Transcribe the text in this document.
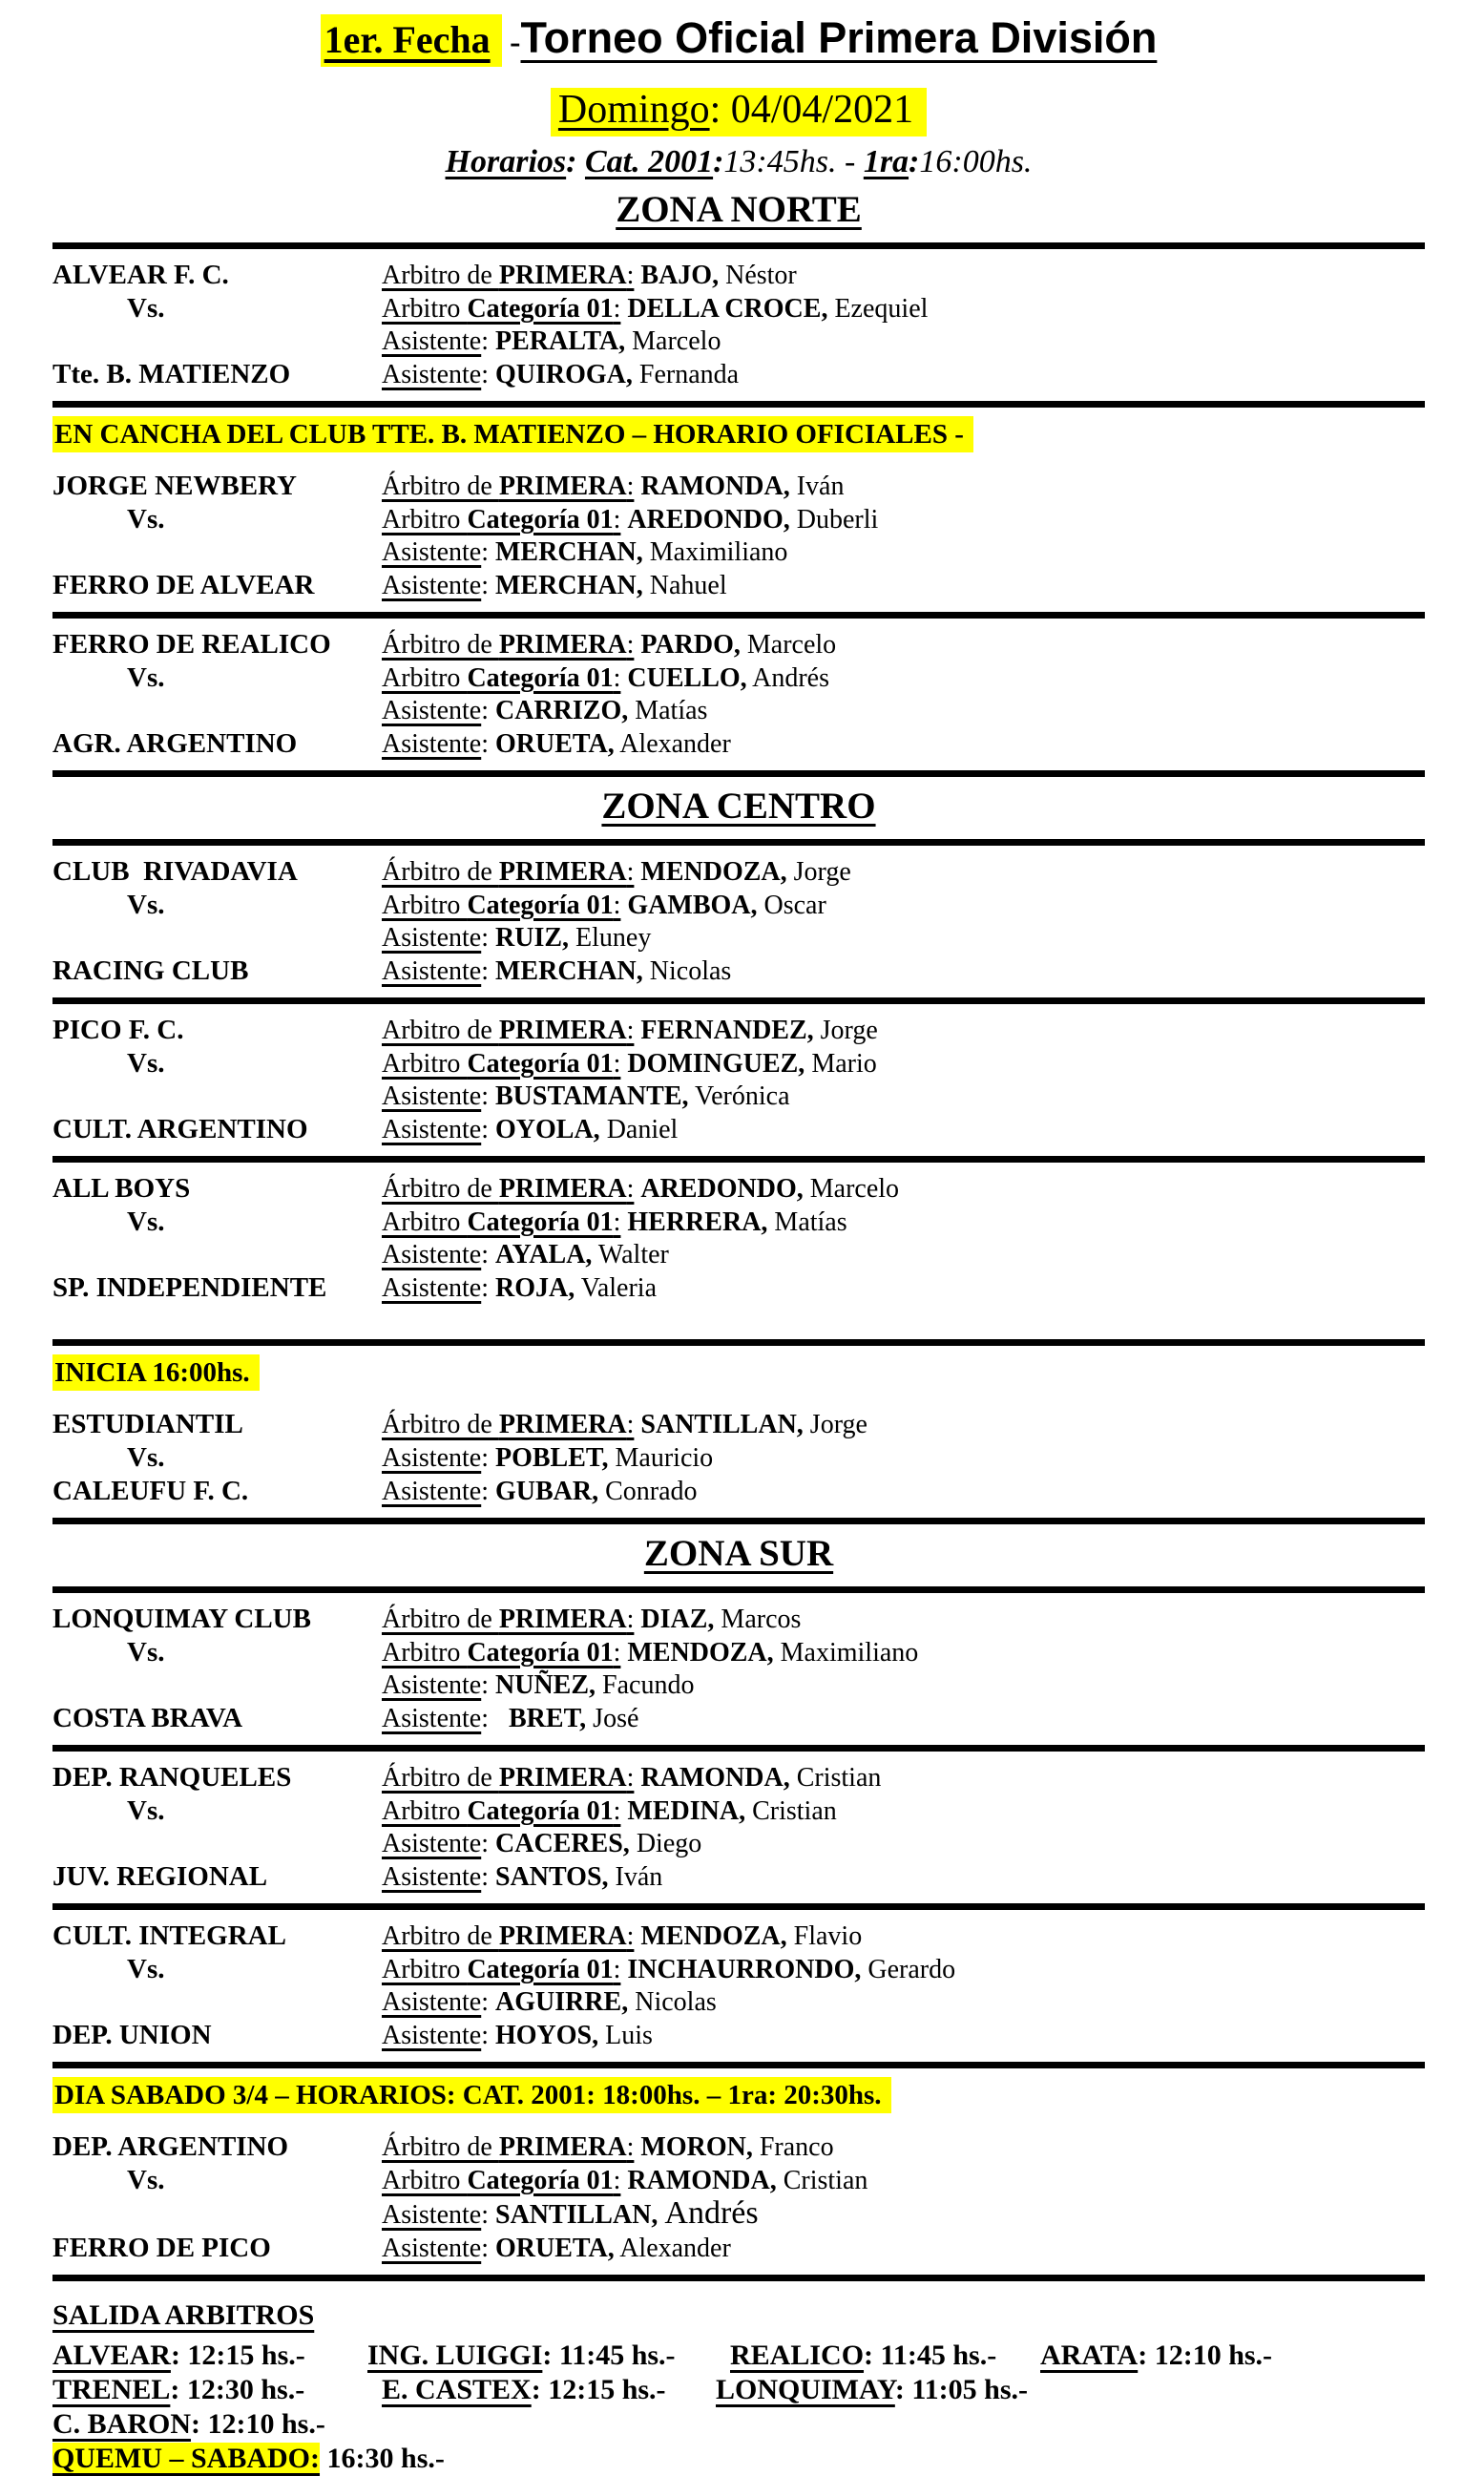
1er. Fecha -Torneo Oficial Primera División
Domingo: 04/04/2021
Horarios: Cat. 2001:13:45hs. - 1ra:16:00hs.
ZONA NORTE
ALVEAR F. C.	Arbitro de PRIMERA: BAJO, Néstor
Vs.	Arbitro Categoría 01: DELLA CROCE, Ezequiel
Asistente: PERALTA, Marcelo
Tte. B. MATIENZO	Asistente: QUIROGA, Fernanda
EN CANCHA DEL CLUB TTE. B. MATIENZO – HORARIO OFICIALES -
JORGE NEWBERY	Árbitro de PRIMERA: RAMONDA, Iván
Vs.	Arbitro Categoría 01: AREDONDO, Duberli
Asistente: MERCHAN, Maximiliano
FERRO DE ALVEAR	Asistente: MERCHAN, Nahuel
FERRO DE REALICO	Árbitro de PRIMERA: PARDO, Marcelo
Vs.	Arbitro Categoría 01: CUELLO, Andrés
Asistente: CARRIZO, Matías
AGR. ARGENTINO	Asistente: ORUETA, Alexander
ZONA CENTRO
CLUB  RIVADAVIA	Árbitro de PRIMERA: MENDOZA, Jorge
Vs.	Arbitro Categoría 01: GAMBOA, Oscar
Asistente: RUIZ, Eluney
RACING CLUB	Asistente: MERCHAN, Nicolas
PICO F. C.	Arbitro de PRIMERA: FERNANDEZ, Jorge
Vs.	Arbitro Categoría 01: DOMINGUEZ, Mario
Asistente: BUSTAMANTE, Verónica
CULT. ARGENTINO	Asistente: OYOLA, Daniel
ALL BOYS	Árbitro de PRIMERA: AREDONDO, Marcelo
Vs.	Arbitro Categoría 01: HERRERA, Matías
Asistente: AYALA, Walter
SP. INDEPENDIENTE	Asistente: ROJA, Valeria
INICIA 16:00hs.
ESTUDIANTIL	Árbitro de PRIMERA: SANTILLAN, Jorge
Vs.	Asistente: POBLET, Mauricio
CALEUFU F. C.	Asistente: GUBAR, Conrado
ZONA SUR
LONQUIMAY CLUB	Árbitro de PRIMERA: DIAZ, Marcos
Vs.	Arbitro Categoría 01: MENDOZA, Maximiliano
Asistente: NUÑEZ, Facundo
COSTA BRAVA	Asistente:   BRET, José
DEP. RANQUELES	Árbitro de PRIMERA: RAMONDA, Cristian
Vs.	Arbitro Categoría 01: MEDINA, Cristian
Asistente: CACERES, Diego
JUV. REGIONAL	Asistente: SANTOS, Iván
CULT. INTEGRAL	Arbitro de PRIMERA: MENDOZA, Flavio
Vs.	Arbitro Categoría 01: INCHAURRONDO, Gerardo
Asistente: AGUIRRE, Nicolas
DEP. UNION	Asistente: HOYOS, Luis
DIA SABADO 3/4 – HORARIOS: CAT. 2001: 18:00hs. – 1ra: 20:30hs.
DEP. ARGENTINO	Árbitro de PRIMERA: MORON, Franco
Vs.	Arbitro Categoría 01: RAMONDA, Cristian
Asistente: SANTILLAN, Andrés
FERRO DE PICO	Asistente: ORUETA, Alexander
SALIDA ARBITROS
ALVEAR: 12:15 hs.- ING. LUIGGI: 11:45 hs.- REALICO: 11:45 hs.- ARATA: 12:10 hs.-
TRENEL: 12:30 hs.-	E. CASTEX: 12:15 hs.- LONQUIMAY: 11:05 hs.-
C. BARON: 12:10 hs.-
QUEMU – SABADO: 16:30 hs.-
